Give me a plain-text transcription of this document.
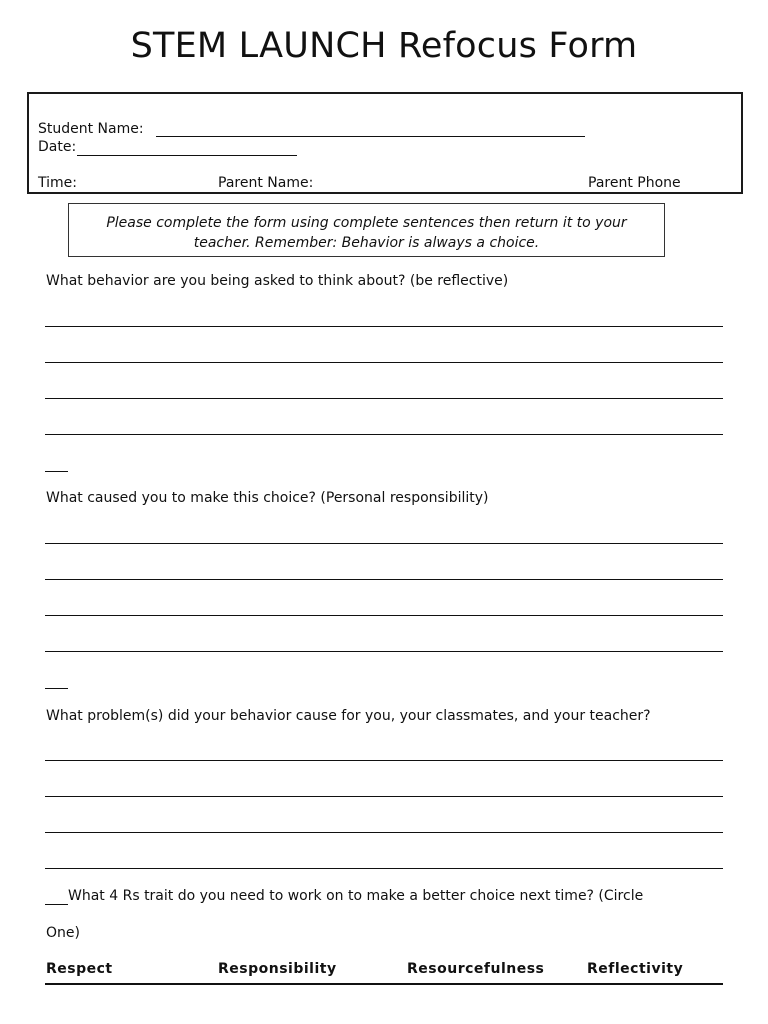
STEM LAUNCH Refocus Form
Student Name:
Date:
Time:	Parent Name:	Parent Phone
Please complete the form using complete sentences then return it to your
teacher. Remember: Behavior is always a choice.
What behavior are you being asked to think about? (be reflective)
What caused you to make this choice? (Personal responsibility)
What problem(s) did your behavior cause for you, your classmates, and your teacher?
What 4 Rs trait do you need to work on to make a better choice next time? (Circle
One)
Respect	Responsibility	Resourcefulness	Reflectivity
